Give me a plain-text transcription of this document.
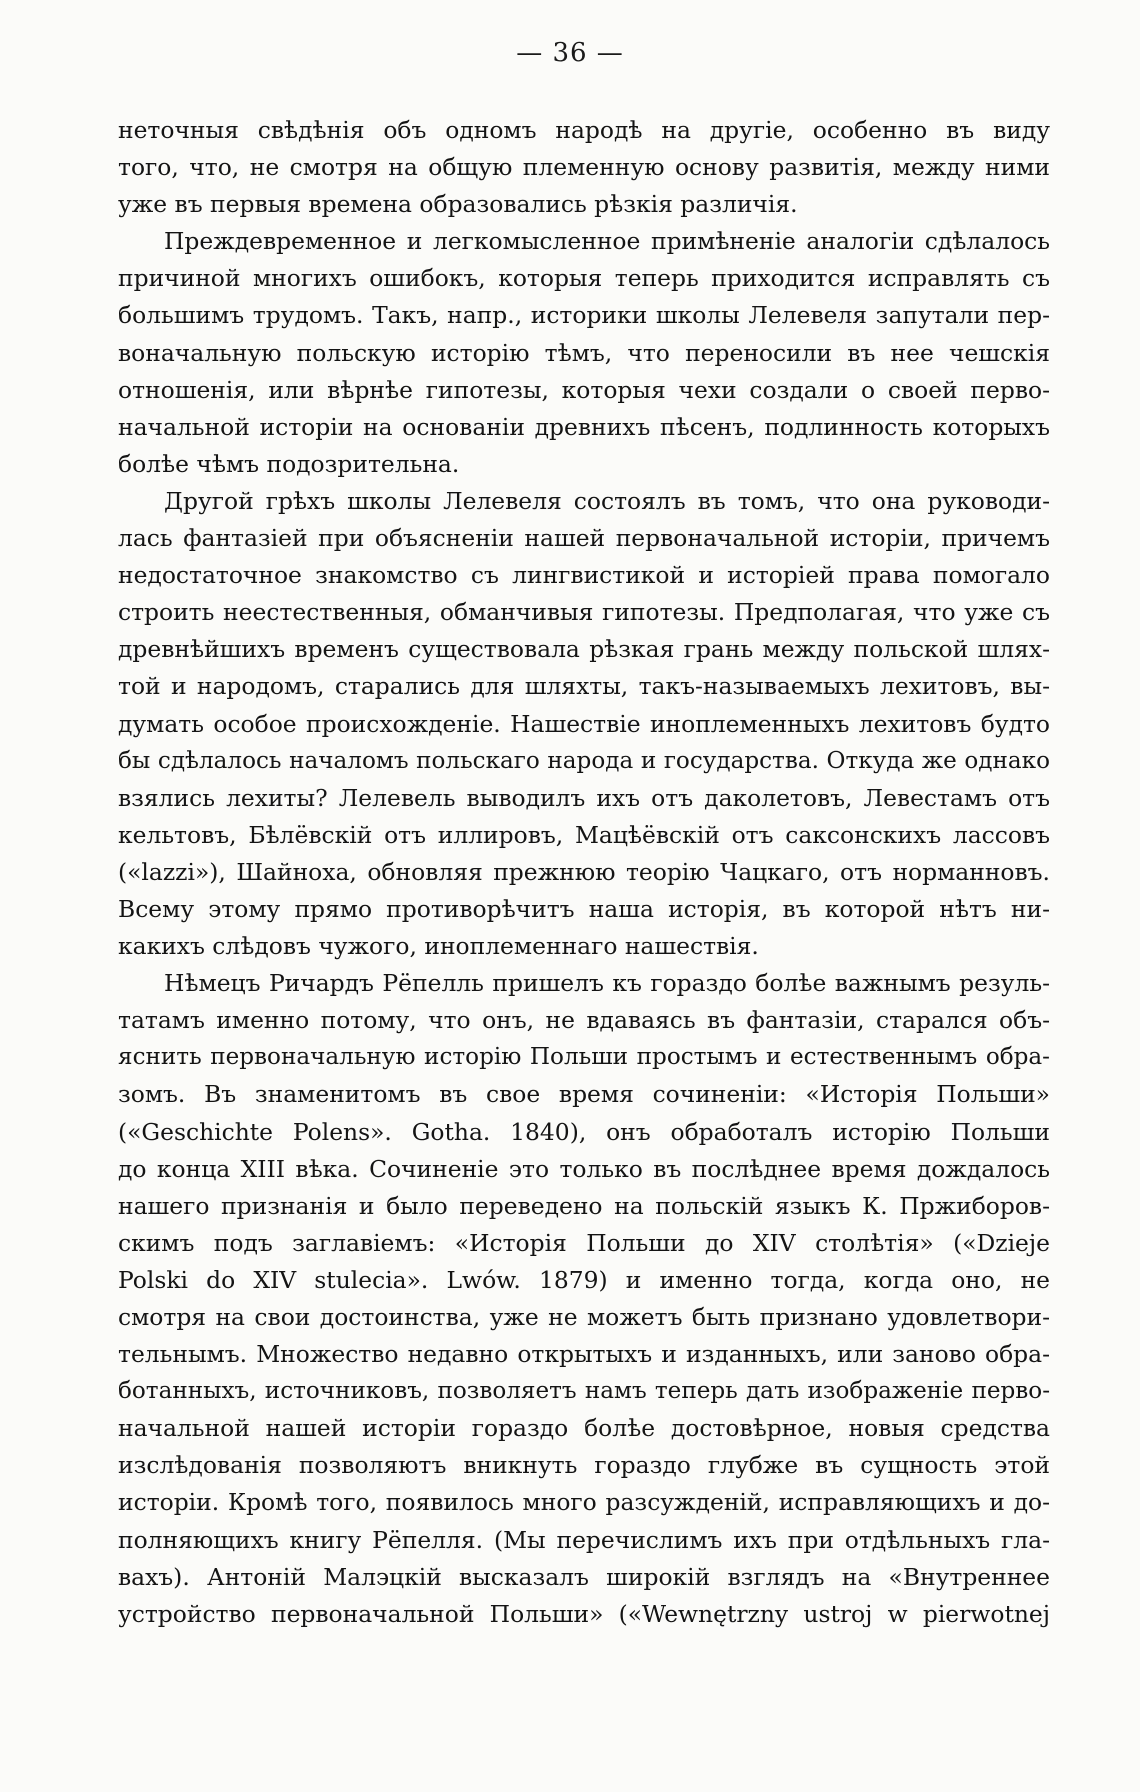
— 36 —
неточныя свѣдѣнія объ одномъ народѣ на другіе, особенно въ виду
того, что, не смотря на общую племенную основу развитія, между ними
уже въ первыя времена образовались рѣзкія различія.
Преждевременное и легкомысленное примѣненіе аналогіи сдѣлалось
причиной многихъ ошибокъ, которыя теперь приходится исправлять съ
большимъ трудомъ. Такъ, напр., историки школы Лелевеля запутали пер-
воначальную польскую исторію тѣмъ, что переносили въ нее чешскія
отношенія, или вѣрнѣе гипотезы, которыя чехи создали о своей перво-
начальной исторіи на основаніи древнихъ пѣсенъ, подлинность которыхъ
болѣе чѣмъ подозрительна.
Другой грѣхъ школы Лелевеля состоялъ въ томъ, что она руководи-
лась фантазіей при объясненіи нашей первоначальной исторіи, причемъ
недостаточное знакомство съ лингвистикой и исторіей права помогало
строить неестественныя, обманчивыя гипотезы. Предполагая, что уже съ
древнѣйшихъ временъ существовала рѣзкая грань между польской шлях-
той и народомъ, старались для шляхты, такъ-называемыхъ лехитовъ, вы-
думать особое происхожденіе. Нашествіе иноплеменныхъ лехитовъ будто
бы сдѣлалось началомъ польскаго народа и государства. Откуда же однако
взялись лехиты? Лелевель выводилъ ихъ отъ даколетовъ, Левестамъ отъ
кельтовъ, Бѣлёвскій отъ иллировъ, Мацѣёвскій отъ саксонскихъ лассовъ
(«lazzi»), Шайноха, обновляя прежнюю теорію Чацкаго, отъ норманновъ.
Всему этому прямо противорѣчитъ наша исторія, въ которой нѣтъ ни-
какихъ слѣдовъ чужого, иноплеменнаго нашествія.
Нѣмецъ Ричардъ Рёпелль пришелъ къ гораздо болѣе важнымъ резуль-
татамъ именно потому, что онъ, не вдаваясь въ фантазіи, старался объ-
яснить первоначальную исторію Польши простымъ и естественнымъ обра-
зомъ. Въ знаменитомъ въ свое время сочиненіи: «Исторія Польши»
(«Geschichte Polens». Gotha. 1840), онъ обработалъ исторію Польши
до конца XIII вѣка. Сочиненіе это только въ послѣднее время дождалось
нашего признанія и было переведено на польскій языкъ К. Пржиборов-
скимъ подъ заглавіемъ: «Исторія Польши до XIV столѣтія» («Dzieje
Polski do XIV stulecia». Lwów. 1879) и именно тогда, когда оно, не
смотря на свои достоинства, уже не можетъ быть признано удовлетвори-
тельнымъ. Множество недавно открытыхъ и изданныхъ, или заново обра-
ботанныхъ, источниковъ, позволяетъ намъ теперь дать изображеніе перво-
начальной нашей исторіи гораздо болѣе достовѣрное, новыя средства
изслѣдованія позволяютъ вникнуть гораздо глубже въ сущность этой
исторіи. Кромѣ того, появилось много разсужденій, исправляющихъ и до-
полняющихъ книгу Рёпелля. (Мы перечислимъ ихъ при отдѣльныхъ гла-
вахъ). Антоній Малэцкій высказалъ широкій взглядъ на «Внутреннее
устройство первоначальной Польши» («Wewnętrzny ustroj w pierwotnej
